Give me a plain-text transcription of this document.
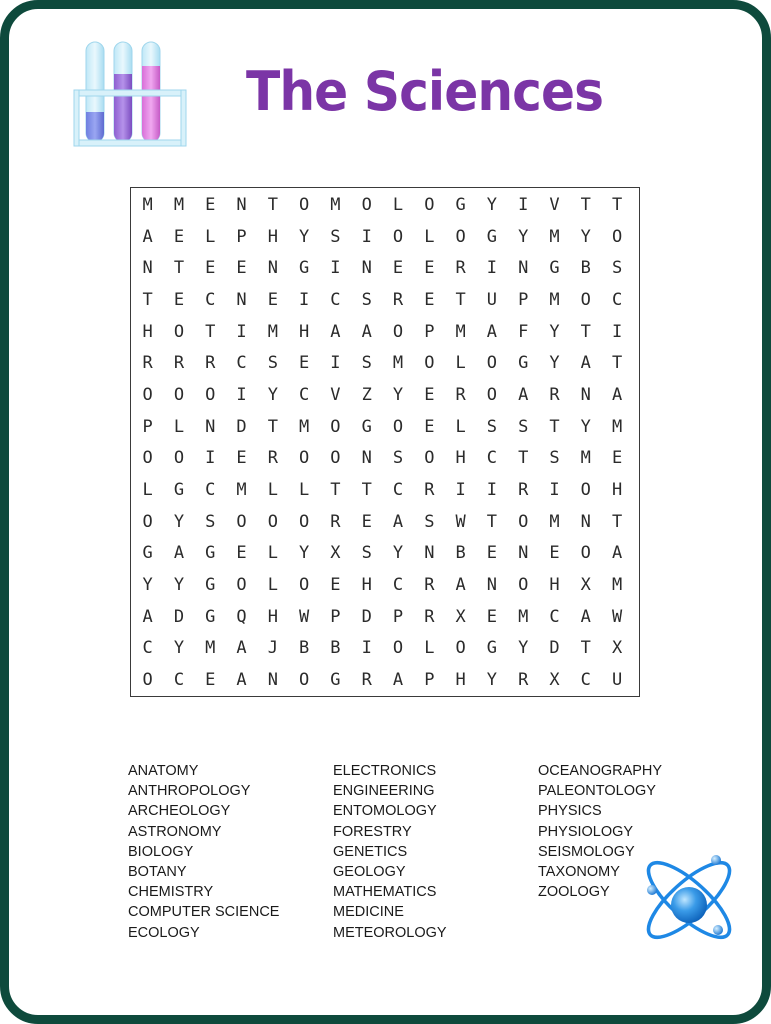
The Sciences
M	M	E	N	T	O	M	O	L	O	G	Y	I	V	T	T
A	E	L	P	H	Y	S	I	O	L	O	G	Y	M	Y	O
N	T	E	E	N	G	I	N	E	E	R	I	N	G	B	S
T	E	C	N	E	I	C	S	R	E	T	U	P	M	O	C
H	O	T	I	M	H	A	A	O	P	M	A	F	Y	T	I
R	R	R	C	S	E	I	S	M	O	L	O	G	Y	A	T
O	O	O	I	Y	C	V	Z	Y	E	R	O	A	R	N	A
P	L	N	D	T	M	O	G	O	E	L	S	S	T	Y	M
O	O	I	E	R	O	O	N	S	O	H	C	T	S	M	E
L	G	C	M	L	L	T	T	C	R	I	I	R	I	O	H
O	Y	S	O	O	O	R	E	A	S	W	T	O	M	N	T
G	A	G	E	L	Y	X	S	Y	N	B	E	N	E	O	A
Y	Y	G	O	L	O	E	H	C	R	A	N	O	H	X	M
A	D	G	Q	H	W	P	D	P	R	X	E	M	C	A	W
C	Y	M	A	J	B	B	I	O	L	O	G	Y	D	T	X
O	C	E	A	N	O	G	R	A	P	H	Y	R	X	C	U
ANATOMY
ANTHROPOLOGY
ARCHEOLOGY
ASTRONOMY
BIOLOGY
BOTANY
CHEMISTRY
COMPUTER SCIENCE
ECOLOGY
ELECTRONICS
ENGINEERING
ENTOMOLOGY
FORESTRY
GENETICS
GEOLOGY
MATHEMATICS
MEDICINE
METEOROLOGY
OCEANOGRAPHY
PALEONTOLOGY
PHYSICS
PHYSIOLOGY
SEISMOLOGY
TAXONOMY
ZOOLOGY
